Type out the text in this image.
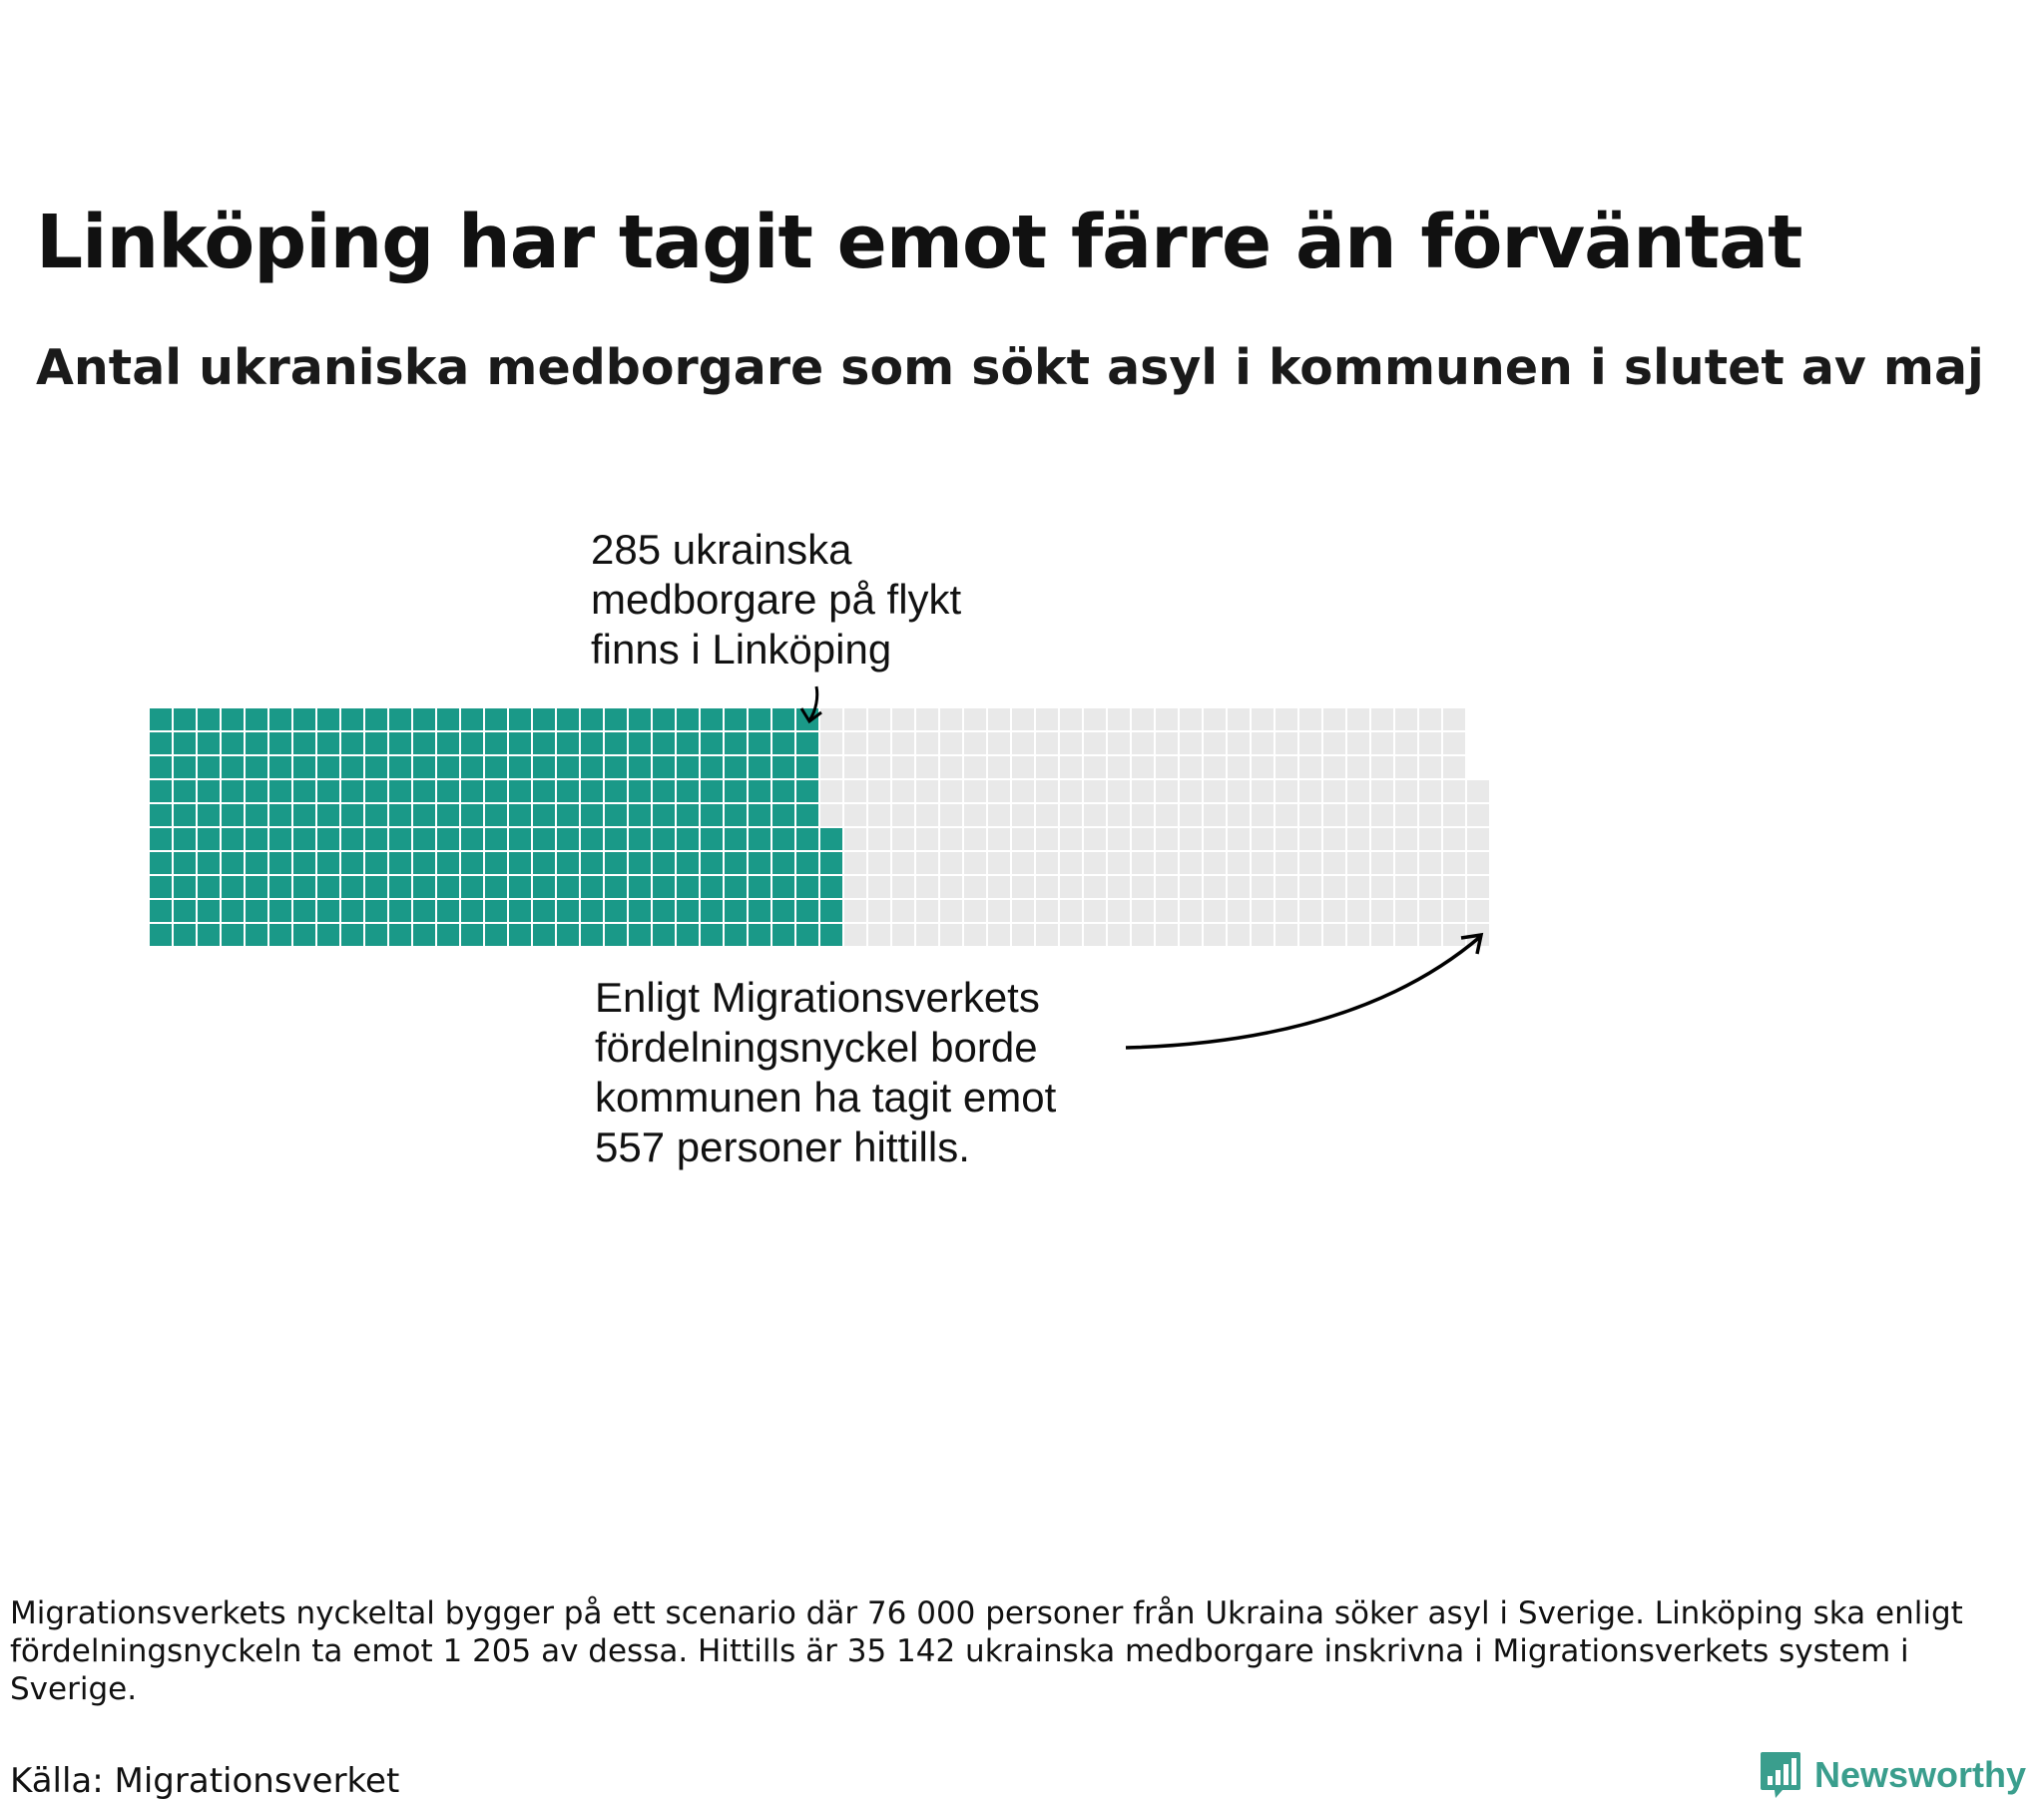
Linköping har tagit emot färre än förväntat
Antal ukraniska medborgare som sökt asyl i kommunen i slutet av maj
285 ukrainska
medborgare på flykt
finns i Linköping
Enligt Migrationsverkets
fördelningsnyckel borde
kommunen ha tagit emot
557 personer hittills.
Migrationsverkets nyckeltal bygger på ett scenario där 76 000 personer från Ukraina söker asyl i Sverige. Linköping ska enligt fördelningsnyckeln ta emot 1 205 av dessa. Hittills är 35 142 ukrainska medborgare inskrivna i Migrationsverkets system i Sverige.
Källa: Migrationsverket	Newsworthy
